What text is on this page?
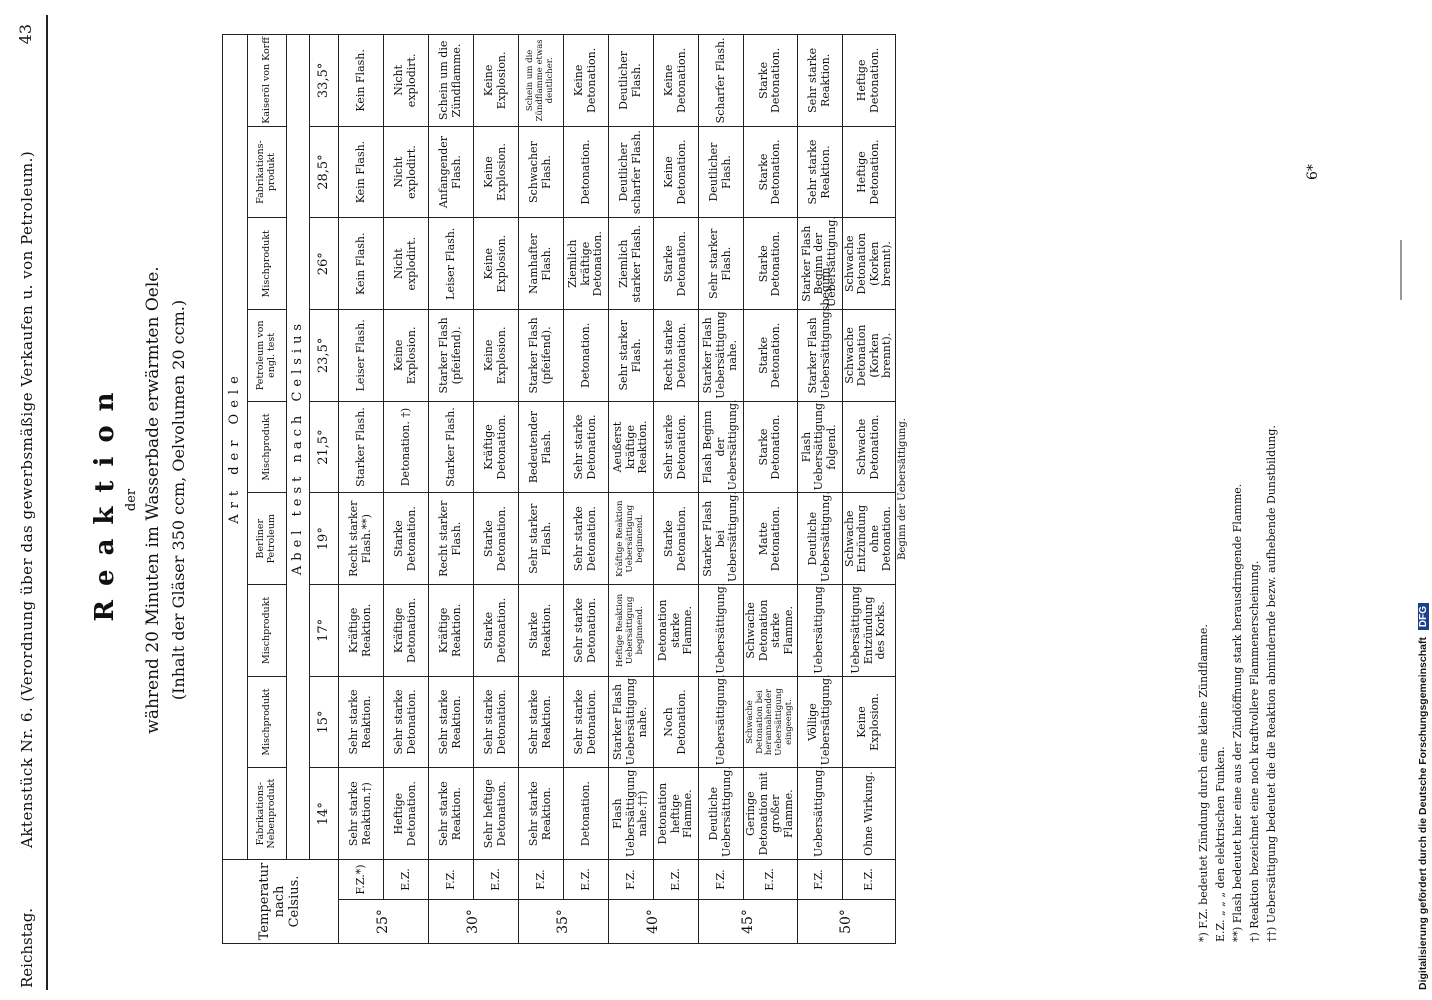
Reichstag.
Aktenstück Nr. 6. (Verordnung über das gewerbsmäßige Verkaufen u. von Petroleum.)
43
Reaktion der während 20 Minuten im Wasserbade erwärmten Oele. (Inhalt der Gläser 350 ccm, Oelvolumen 20 ccm.)
Temperatur nach Celsius.		Art der Oele								
		Fabrikations-Nebenprodukt	Mischprodukt	Mischprodukt	Berliner Petroleum	Mischprodukt	Petroleum von engl. test	Mischprodukt	Fabrikations-produkt	Kaiseröl von Korff
		Abel test nach Celsius								
		14°	15°	17°	19°	21,5°	23,5°	26°	28,5°	33,5°
25°	F.Z.*)	Sehr starke Reaktion.†)	Sehr starke Reaktion.	Kräftige Reaktion.	Recht starker Flash.**)	Starker Flash.	Leiser Flash.	Kein Flash.	Kein Flash.	Kein Flash.
	E.Z.	Heftige Detonation.	Sehr starke Detonation.	Kräftige Detonation.	Starke Detonation.	Detonation. †)	Keine Explosion.	Nicht explodirt.	Nicht explodirt.	Nicht explodirt.
30°	F.Z.	Sehr starke Reaktion.	Sehr starke Reaktion.	Kräftige Reaktion.	Recht starker Flash.	Starker Flash.	Starker Flash (pfeifend).	Leiser Flash.	Anfangender Flash.	Schein um die Zündflamme.
	E.Z.	Sehr heftige Detonation.	Sehr starke Detonation.	Starke Detonation.	Starke Detonation.	Kräftige Detonation.	Keine Explosion.	Keine Explosion.	Keine Explosion.	Keine Explosion.
35°	F.Z.	Sehr starke Reaktion.	Sehr starke Reaktion.	Starke Reaktion.	Sehr starker Flash.	Bedeutender Flash.	Starker Flash (pfeifend).	Namhafter Flash.	Schwacher Flash.	Schein um die Zündflamme etwas deutlicher.
	E.Z.	Detonation.	Sehr starke Detonation.	Sehr starke Detonation.	Sehr starke Detonation.	Sehr starke Detonation.	Detonation.	Ziemlich kräftige Detonation.	Detonation.	Keine Detonation.
40°	F.Z.	Flash Uebersättigung nahe.††)	Starker Flash Uebersättigung nahe.	Heftige Reaktion Uebersättigung beginnend.	Kräftige Reaktion Uebersättigung beginnend.	Aeußerst kräftige Reaktion.	Sehr starker Flash.	Ziemlich starker Flash.	Deutlicher scharfer Flash.	Deutlicher Flash.
	E.Z.	Detonation heftige Flamme.	Noch Detonation.	Detonation starke Flamme.	Starke Detonation.	Sehr starke Detonation.	Recht starke Detonation.	Starke Detonation.	Keine Detonation.	Keine Detonation.
45°	F.Z.	Deutliche Uebersättigung.	Uebersättigung.	Uebersättigung.	Starker Flash bei Uebersättigung.	Flash Beginn der Uebersättigung.	Starker Flash Uebersättigung nahe.	Sehr starker Flash.	Deutlicher Flash.	Scharfer Flash.
	E.Z.	Geringe Detonation mit großer Flamme.	Schwache Detonation bei herannahender Uebersättigung eingeengt.	Schwache Detonation starke Flamme.	Matte Detonation.	Starke Detonation.	Starke Detonation.	Starke Detonation.	Starke Detonation.	Starke Detonation.
50°	F.Z.	Uebersättigung.	Völlige Uebersättigung.	Uebersättigung.	Deutliche Uebersättigung.	Flash Uebersättigung folgend.	Starker Flash Uebersättigungsbeginn.	Starker Flash Beginn der Uebersättigung.	Sehr starke Reaktion.	Sehr starke Reaktion.
	E.Z.	Ohne Wirkung.	Keine Explosion.	Uebersättigung Entzündung des Korks.	Schwache Entzündung ohne Detonation.	Schwache Detonation.	Schwache Detonation (Korken brennt).	Schwache Detonation (Korken brennt).	Heftige Detonation.	Heftige Detonation.
Beginn der Uebersättigung.										
*) F.Z. bedeutet Zündung durch eine kleine Zündflamme. E.Z. „ „ „ den elektrischen Funken. **) Flash bedeutet hier eine aus der Zündöffnung stark herausdringende Flamme. †) Reaktion bezeichnet eine noch kraftvollere Flammenerscheinung. ††) Uebersättigung bedeutet die die Reaktion abmindernde bezw. aufhebende Dunstbildung.
6*
Digitalisierung gefördert durch die Deutsche Forschungsgemeinschaft DFG
